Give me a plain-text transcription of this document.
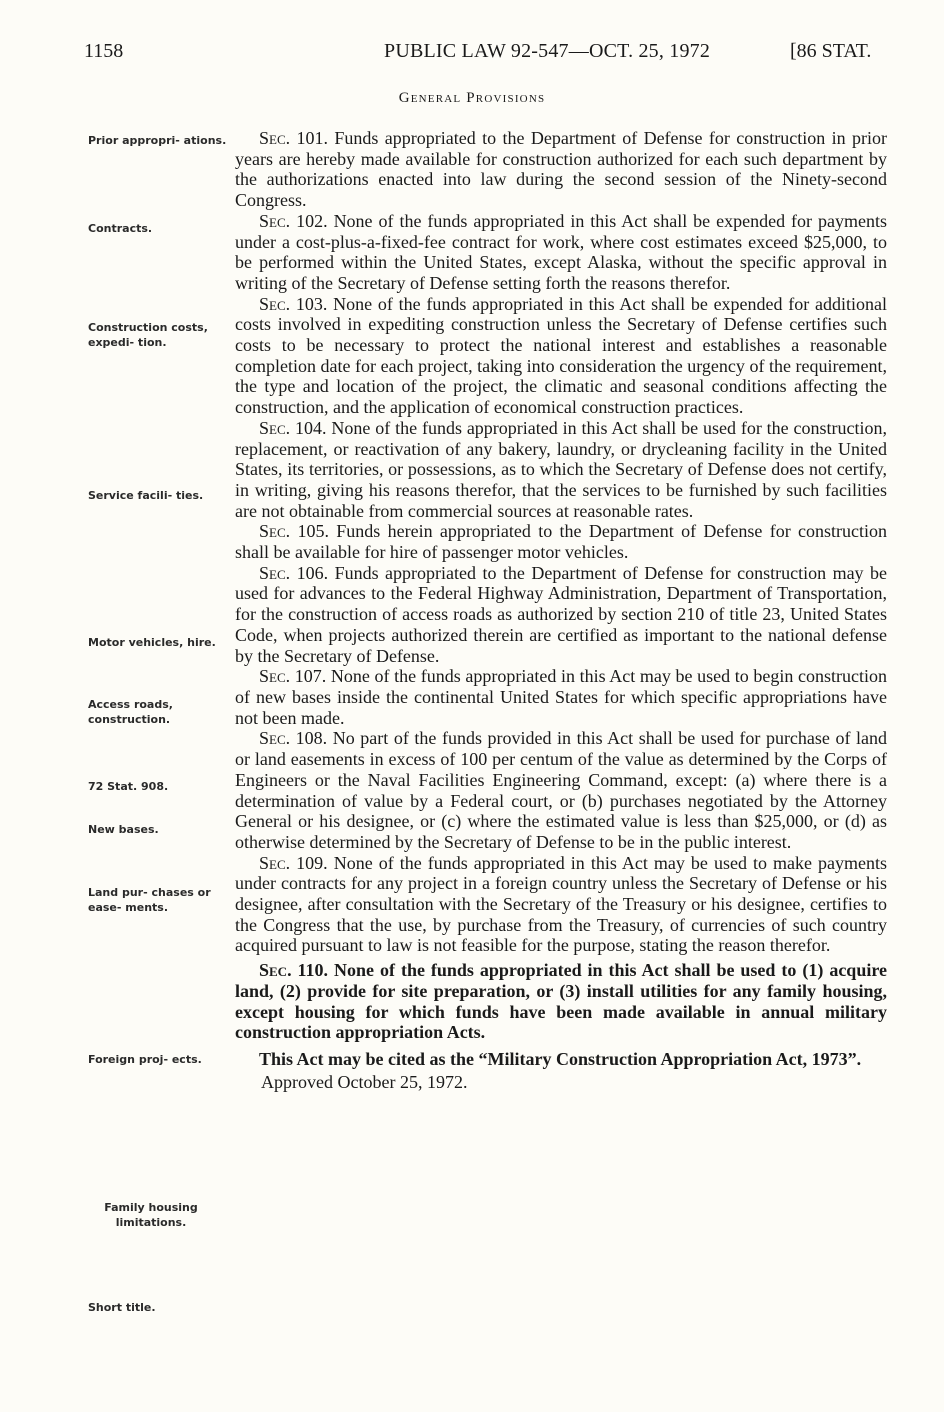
1158	PUBLIC LAW 92-547—OCT. 25, 1972	[86 STAT.
General Provisions
Prior appropri- ations.
Contracts.
Construction costs, expedi- tion.
Service facili- ties.
Motor vehicles, hire.
Access roads, construction.
72 Stat. 908.
New bases.
Land pur- chases or ease- ments.
Foreign proj- ects.
Family housing limitations.
Short title.

Sec. 101. Funds appropriated to the Department of Defense for construction in prior years are hereby made available for construction authorized for each such department by the authorizations enacted into law during the second session of the Ninety-second Congress.

Sec. 102. None of the funds appropriated in this Act shall be expended for payments under a cost-plus-a-fixed-fee contract for work, where cost estimates exceed $25,000, to be performed within the United States, except Alaska, without the specific approval in writing of the Secretary of Defense setting forth the reasons therefor.

Sec. 103. None of the funds appropriated in this Act shall be expended for additional costs involved in expediting construction unless the Secretary of Defense certifies such costs to be necessary to protect the national interest and establishes a reasonable completion date for each project, taking into consideration the urgency of the requirement, the type and location of the project, the climatic and seasonal conditions affecting the construction, and the application of economical construction practices.

Sec. 104. None of the funds appropriated in this Act shall be used for the construction, replacement, or reactivation of any bakery, laundry, or drycleaning facility in the United States, its territories, or possessions, as to which the Secretary of Defense does not certify, in writing, giving his reasons therefor, that the services to be furnished by such facilities are not obtainable from commercial sources at reasonable rates.

Sec. 105. Funds herein appropriated to the Department of Defense for construction shall be available for hire of passenger motor vehicles.

Sec. 106. Funds appropriated to the Department of Defense for construction may be used for advances to the Federal Highway Administration, Department of Transportation, for the construction of access roads as authorized by section 210 of title 23, United States Code, when projects authorized therein are certified as important to the national defense by the Secretary of Defense.

Sec. 107. None of the funds appropriated in this Act may be used to begin construction of new bases inside the continental United States for which specific appropriations have not been made.

Sec. 108. No part of the funds provided in this Act shall be used for purchase of land or land easements in excess of 100 per centum of the value as determined by the Corps of Engineers or the Naval Facilities Engineering Command, except: (a) where there is a determination of value by a Federal court, or (b) purchases negotiated by the Attorney General or his designee, or (c) where the estimated value is less than $25,000, or (d) as otherwise determined by the Secretary of Defense to be in the public interest.

Sec. 109. None of the funds appropriated in this Act may be used to make payments under contracts for any project in a foreign country unless the Secretary of Defense or his designee, after consultation with the Secretary of the Treasury or his designee, certifies to the Congress that the use, by purchase from the Treasury, of currencies of such country acquired pursuant to law is not feasible for the purpose, stating the reason therefor.

Sec. 110. None of the funds appropriated in this Act shall be used to (1) acquire land, (2) provide for site preparation, or (3) install utilities for any family housing, except housing for which funds have been made available in annual military construction appropriation Acts.

This Act may be cited as the “Military Construction Appropriation Act, 1973”.

Approved October 25, 1972.
